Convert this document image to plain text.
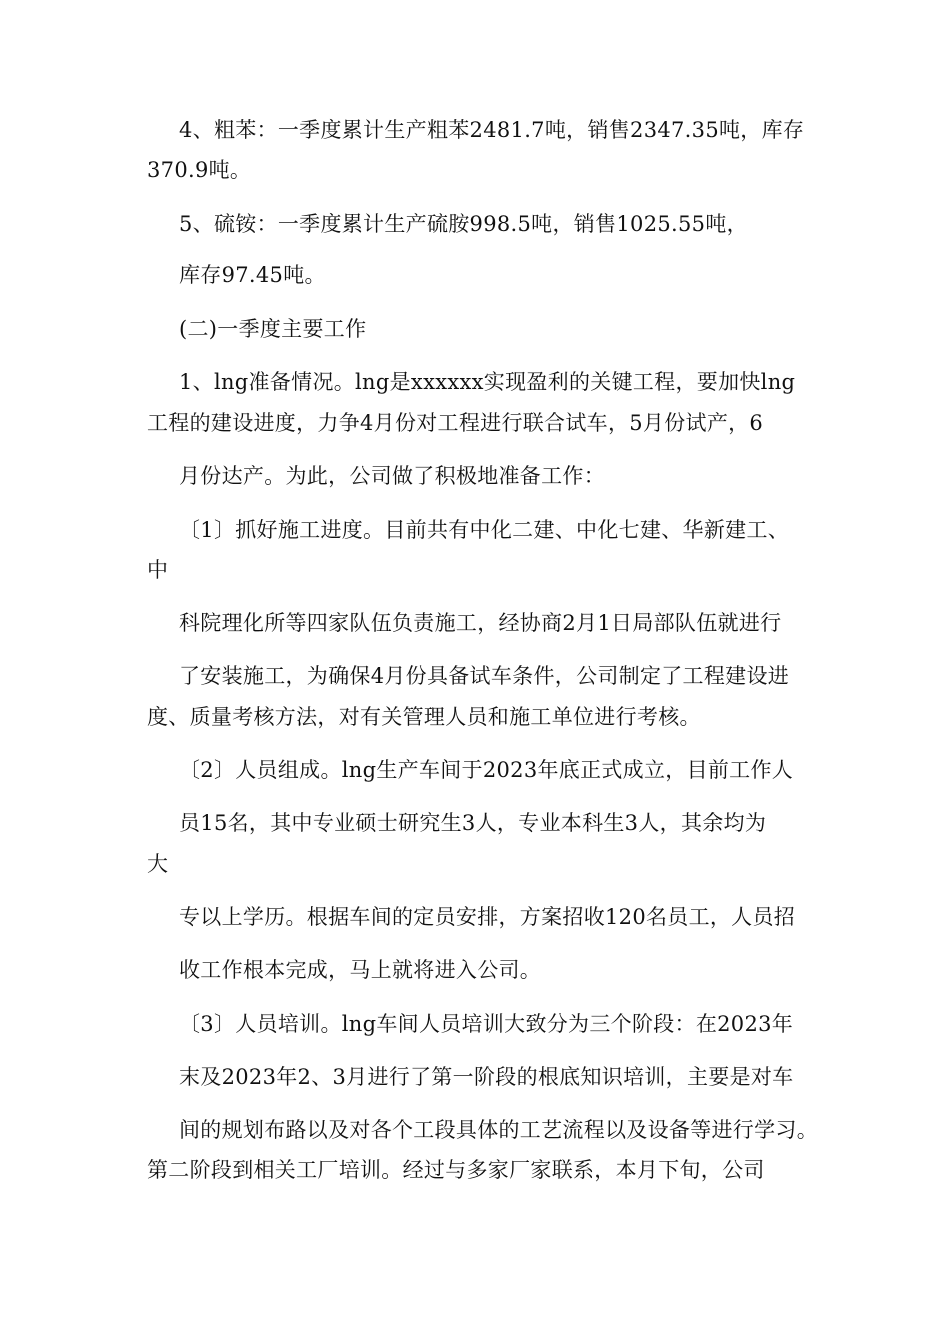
4、粗苯：一季度累计生产粗苯2481.7吨，销售2347.35吨，库存
370.9吨。
5、硫铵：一季度累计生产硫胺998.5吨，销售1025.55吨，
库存97.45吨。
(二)一季度主要工作
1、lng准备情况。lng是xxxxxx实现盈利的关键工程，要加快lng
工程的建设进度，力争4月份对工程进行联合试车，5月份试产，6
月份达产。为此，公司做了积极地准备工作：
〔1〕抓好施工进度。目前共有中化二建、中化七建、华新建工、
中
科院理化所等四家队伍负责施工，经协商2月1日局部队伍就进行
了安装施工，为确保4月份具备试车条件，公司制定了工程建设进
度、质量考核方法，对有关管理人员和施工单位进行考核。
〔2〕人员组成。lng生产车间于2023年底正式成立，目前工作人
员15名，其中专业硕士研究生3人，专业本科生3人，其余均为
大
专以上学历。根据车间的定员安排，方案招收120名员工，人员招
收工作根本完成，马上就将进入公司。
〔3〕人员培训。lng车间人员培训大致分为三个阶段：在2023年
末及2023年2、3月进行了第一阶段的根底知识培训，主要是对车
间的规划布路以及对各个工段具体的工艺流程以及设备等进行学习。
第二阶段到相关工厂培训。经过与多家厂家联系，本月下旬，公司
